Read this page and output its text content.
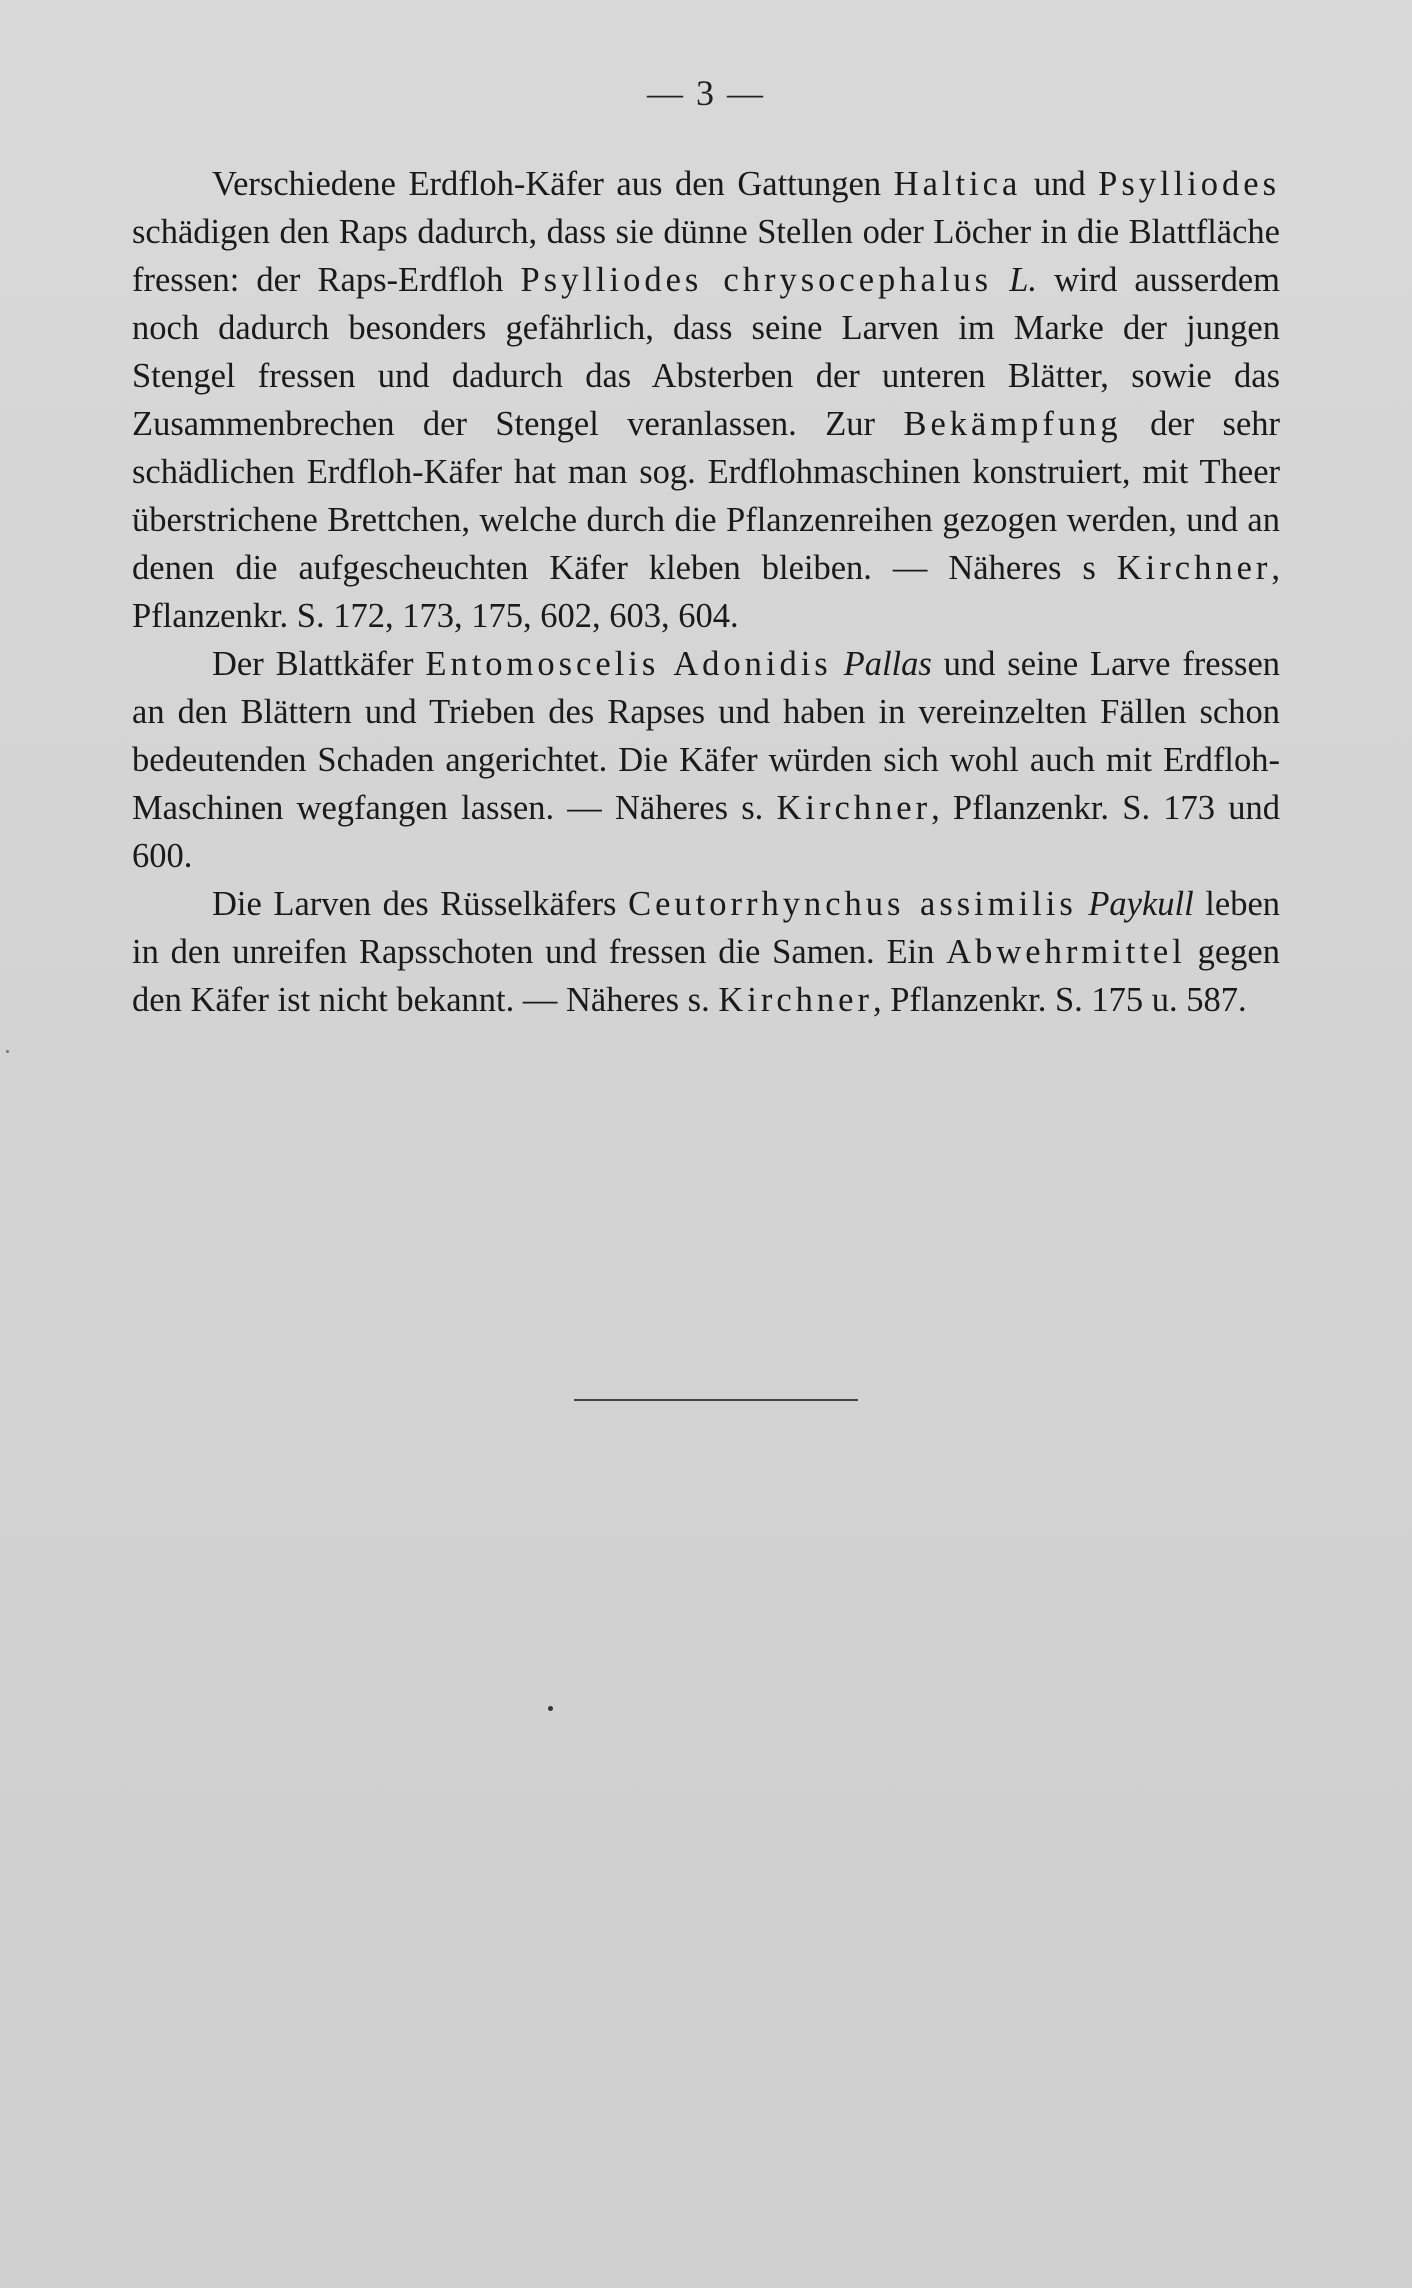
— 3 —

Verschiedene Erdfloh-Käfer aus den Gattungen Haltica und Psylliodes schädigen den Raps dadurch, dass sie dünne Stellen oder Löcher in die Blattfläche fressen: der Raps-Erdfloh Psylliodes chrysocephalus L. wird ausserdem noch dadurch besonders gefährlich, dass seine Larven im Marke der jungen Stengel fressen und dadurch das Absterben der unteren Blätter, sowie das Zusammenbrechen der Stengel veranlassen. Zur Bekämpfung der sehr schädlichen Erdfloh-Käfer hat man sog. Erdflohmaschinen konstruiert, mit Theer überstrichene Brettchen, welche durch die Pflanzenreihen gezogen werden, und an denen die aufgescheuchten Käfer kleben bleiben. — Näheres s Kirchner, Pflanzenkr. S. 172, 173, 175, 602, 603, 604.

Der Blattkäfer Entomoscelis Adonidis Pallas und seine Larve fressen an den Blättern und Trieben des Rapses und haben in vereinzelten Fällen schon bedeutenden Schaden angerichtet. Die Käfer würden sich wohl auch mit Erdfloh-Maschinen wegfangen lassen. — Näheres s. Kirchner, Pflanzenkr. S. 173 und 600.

Die Larven des Rüsselkäfers Ceutorrhynchus assimilis Paykull leben in den unreifen Rapsschoten und fressen die Samen. Ein Abwehrmittel gegen den Käfer ist nicht bekannt. — Näheres s. Kirchner, Pflanzenkr. S. 175 u. 587.
